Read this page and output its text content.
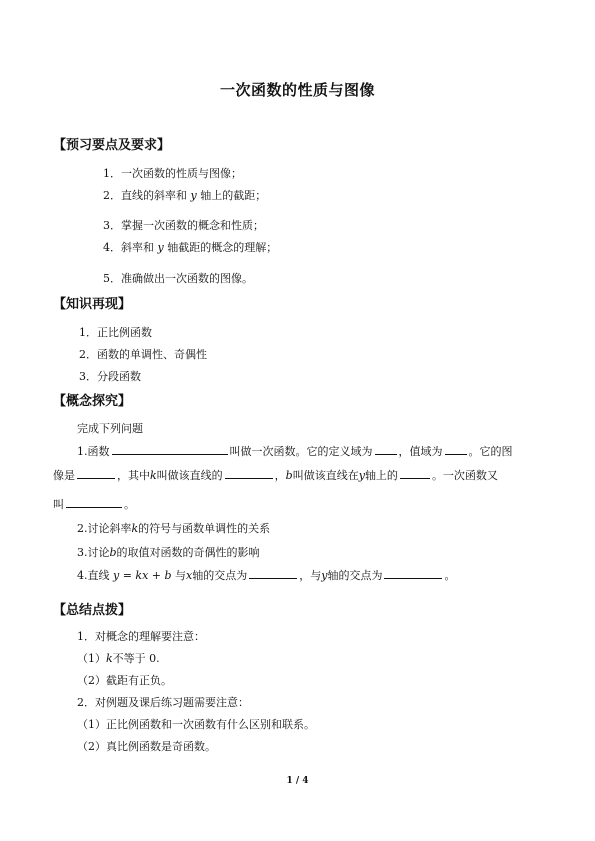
一次函数的性质与图像
【预习要点及要求】
1．一次函数的性质与图像；
2．直线的斜率和 y 轴上的截距；
3．掌握一次函数的概念和性质；
4．斜率和 y 轴截距的概念的理解；
5．准确做出一次函数的图像。
【知识再现】
1．正比例函数
2．函数的单调性、奇偶性
3．分段函数
【概念探究】
完成下列问题
1.函数	叫做一次函数。它的定义域为 ，值域为 。它的图
像是	，其中k叫做该直线的	，b叫做该直线在y轴上的	。一次函数又
叫	。
2.讨论斜率k的符号与函数单调性的关系
3.讨论b的取值对函数的奇偶性的影响
4.直线 y = kx + b 与x轴的交点为	，与y轴的交点为	。
【总结点拨】
1．对概念的理解要注意：
（1）k不等于 0.
（2）截距有正负。
2．对例题及课后练习题需要注意：
（1）正比例函数和一次函数有什么区别和联系。
（2）真比例函数是奇函数。
1 / 4
